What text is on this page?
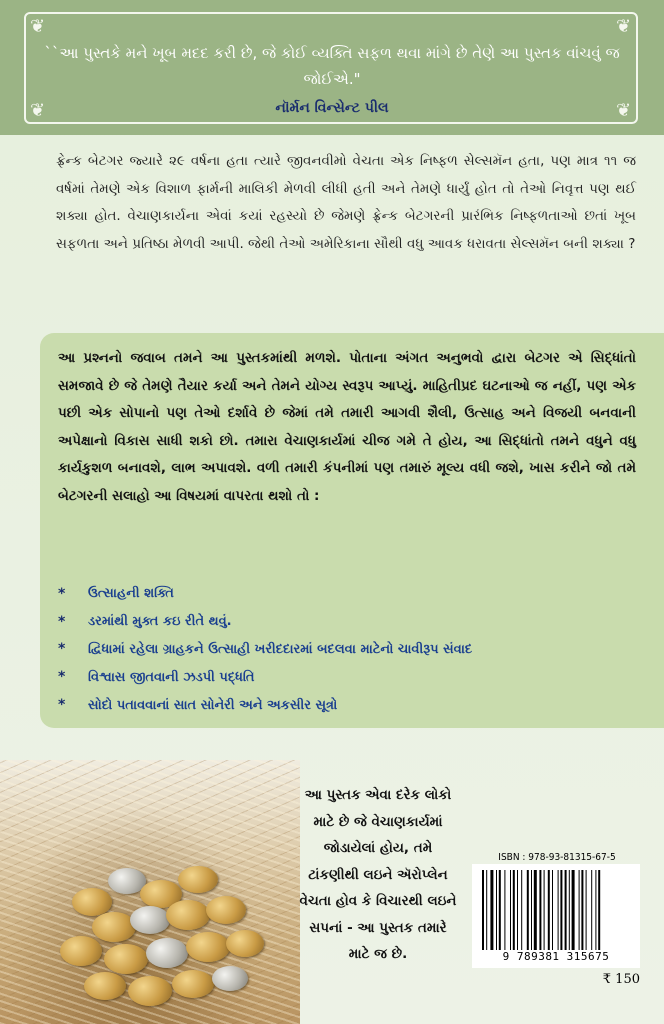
❦	❦
❦	❦
``આ પુસ્તકે મને ખૂબ મદદ કરી છે, જે કોઈ વ્યક્તિ સફળ થવા માંગે છે તેણે આ પુસ્તક વાંચવું જ જોઈએ."
નૉર્મન વિન્સેન્ટ પીલ
ફ્રેન્ક બેટગર જ્યારે ૨૯ વર્ષના હતા ત્યારે જીવનવીમો વેચતા એક નિષ્ફળ સેલ્સમૅન હતા, પણ માત્ર ૧૧ જ વર્ષમાં તેમણે એક વિશાળ ફાર્મની માલિકી મેળવી લીધી હતી અને તેમણે ધાર્યું હોત તો તેઓ નિવૃત્ત પણ થઈ શક્યા હોત. વેચાણકાર્યના એવાં કયાં રહસ્યો છે જેમણે ફ્રેન્ક બેટગરની પ્રારંભિક નિષ્ફળતાઓ છતાં ખૂબ સફળતા અને પ્રતિષ્ઠા મેળવી આપી. જેથી તેઓ અમેરિકાના સૌથી વધુ આવક ધરાવતા સેલ્સમૅન બની શક્યા ?
આ પ્રશ્નનો જવાબ તમને આ પુસ્તકમાંથી મળશે. પોતાના અંગત અનુભવો દ્વારા બેટગર એ સિદ્ધાંતો સમજાવે છે જે તેમણે તૈયાર કર્યા અને તેમને યોગ્ય સ્વરૂપ આપ્યું. માહિતીપ્રદ ઘટનાઓ જ નહીં, પણ એક પછી એક સોપાનો પણ તેઓ દર્શાવે છે જેમાં તમે તમારી આગવી શૈલી, ઉત્સાહ અને વિજયી બનવાની અપેક્ષાનો વિકાસ સાધી શકો છો. તમારા વેચાણકાર્યમાં ચીજ ગમે તે હોય, આ સિદ્ધાંતો તમને વધુને વધુ કાર્યકુશળ બનાવશે, લાભ અપાવશે. વળી તમારી કંપનીમાં પણ તમારું મૂલ્ય વધી જશે, ખાસ કરીને જો તમે બેટગરની સલાહો આ વિષયમાં વાપરતા થશો તો :
*	ઉત્સાહની શક્તિ
*	ડરમાંથી મુક્ત કઇ રીતે થવું.
*	દ્વિધામાં રહેલા ગ્રાહકને ઉત્સાહી ખરીદદારમાં બદલવા માટેનો ચાવીરૂપ સંવાદ
*	વિશ્વાસ જીતવાની ઝડપી પદ્ધતિ
*	સોદો પતાવવાનાં સાત સોનેરી અને અકસીર સૂત્રો
આ પુસ્તક એવા દરેક લોકો માટે છે જે વેચાણકાર્યમાં જોડાયેલાં હોય, તમે ટાંકણીથી લઇને ઍરોપ્લેન વેચતા હોવ કે વિચારથી લઇને સપનાં - આ પુસ્તક તમારે માટે જ છે.
ISBN : 978-93-81315-67-5
9 789381 315675
₹ 150
